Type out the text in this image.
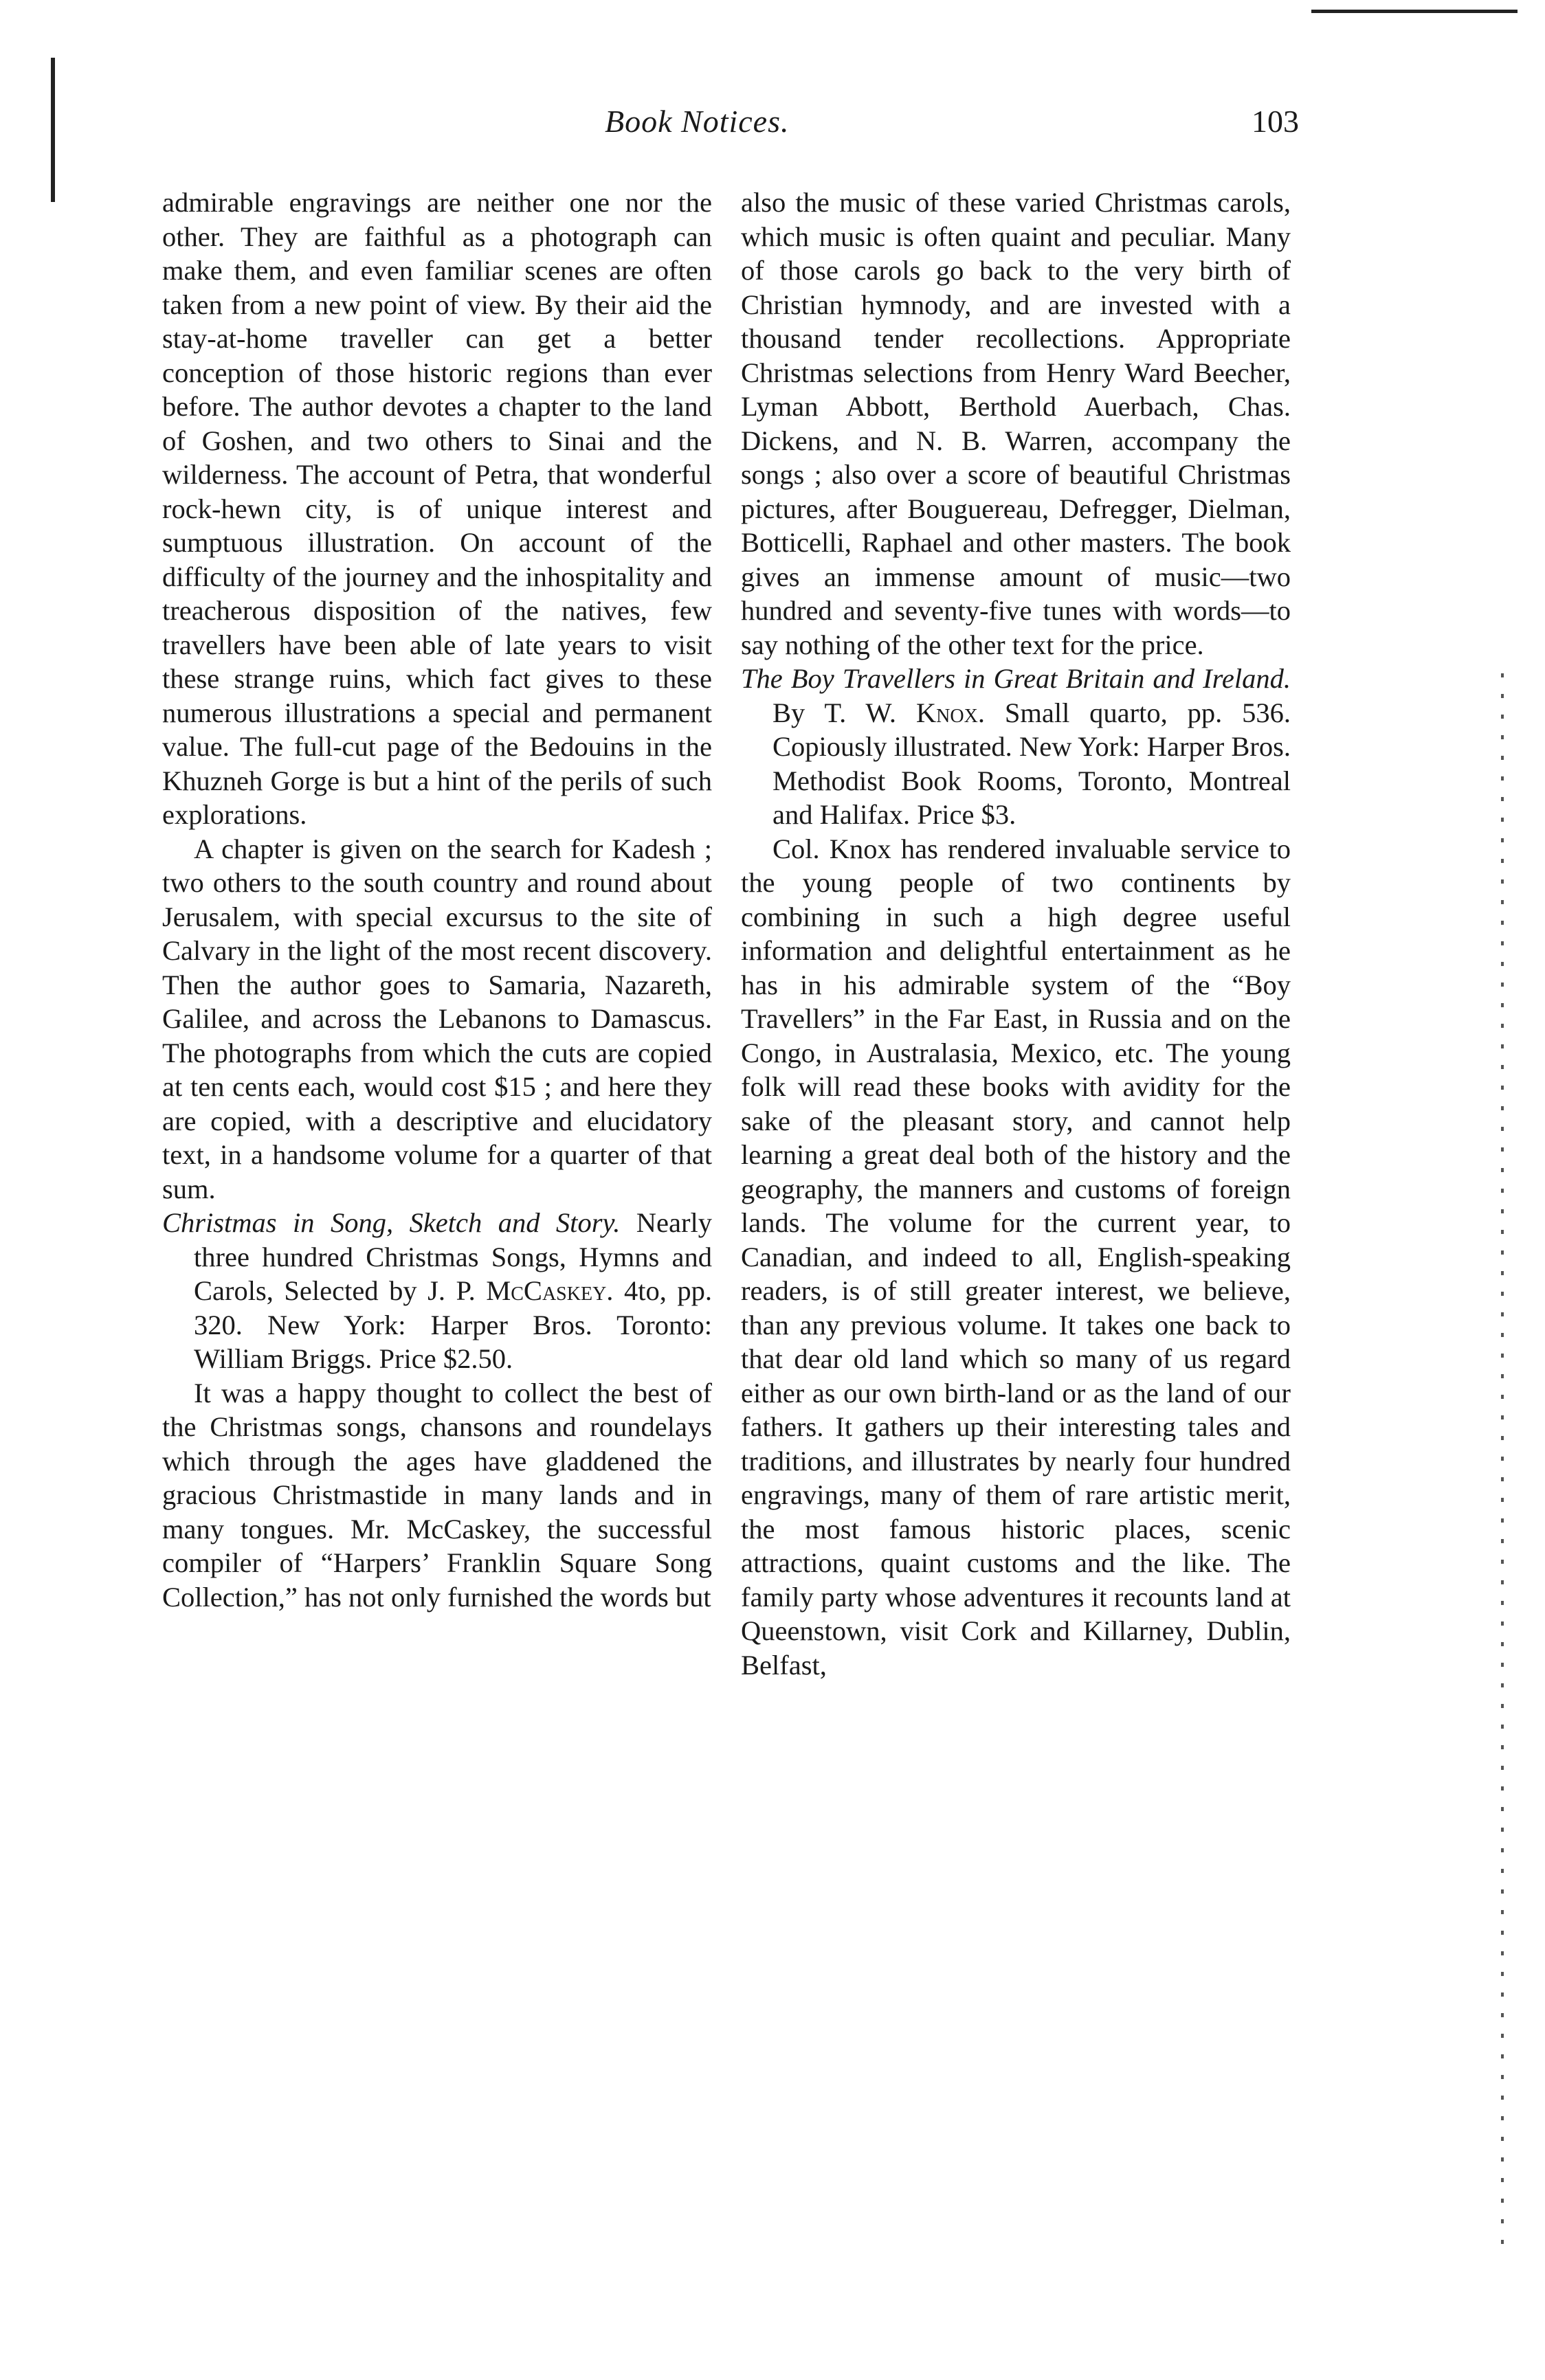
Book Notices.	103

admirable engravings are neither one nor the other. They are faithful as a photograph can make them, and even familiar scenes are often taken from a new point of view. By their aid the stay-at-home traveller can get a better conception of those historic regions than ever before. The author devotes a chapter to the land of Goshen, and two others to Sinai and the wilderness. The account of Petra, that wonderful rock-hewn city, is of unique interest and sumptuous illustration. On account of the difficulty of the journey and the inhospitality and treacherous disposition of the natives, few travellers have been able of late years to visit these strange ruins, which fact gives to these numerous illustrations a special and permanent value. The full-cut page of the Bedouins in the Khuzneh Gorge is but a hint of the perils of such explorations.

A chapter is given on the search for Kadesh ; two others to the south country and round about Jerusalem, with special excursus to the site of Calvary in the light of the most recent discovery. Then the author goes to Samaria, Nazareth, Galilee, and across the Lebanons to Damascus. The photographs from which the cuts are copied at ten cents each, would cost $15 ; and here they are copied, with a descriptive and elucidatory text, in a handsome volume for a quarter of that sum.

Christmas in Song, Sketch and Story. Nearly three hundred Christmas Songs, Hymns and Carols, Selected by J. P. McCaskey. 4to, pp. 320. New York: Harper Bros. Toronto: William Briggs. Price $2.50.

It was a happy thought to collect the best of the Christmas songs, chansons and roundelays which through the ages have gladdened the gracious Christmastide in many lands and in many tongues. Mr. McCaskey, the successful compiler of “Harpers’ Franklin Square Song Collection,” has not only furnished the words but

also the music of these varied Christmas carols, which music is often quaint and peculiar. Many of those carols go back to the very birth of Christian hymnody, and are invested with a thousand tender recollections. Appropriate Christmas selections from Henry Ward Beecher, Lyman Abbott, Berthold Auerbach, Chas. Dickens, and N. B. Warren, accompany the songs ; also over a score of beautiful Christmas pictures, after Bouguereau, Defregger, Dielman, Botticelli, Raphael and other masters. The book gives an immense amount of music—two hundred and seventy-five tunes with words—to say nothing of the other text for the price.

The Boy Travellers in Great Britain and Ireland. By T. W. Knox. Small quarto, pp. 536. Copiously illustrated. New York: Harper Bros. Methodist Book Rooms, Toronto, Montreal and Halifax. Price $3.

Col. Knox has rendered invaluable service to the young people of two continents by combining in such a high degree useful information and delightful entertainment as he has in his admirable system of the “Boy Travellers” in the Far East, in Russia and on the Congo, in Australasia, Mexico, etc. The young folk will read these books with avidity for the sake of the pleasant story, and cannot help learning a great deal both of the history and the geography, the manners and customs of foreign lands. The volume for the current year, to Canadian, and indeed to all, English-speaking readers, is of still greater interest, we believe, than any previous volume. It takes one back to that dear old land which so many of us regard either as our own birth-land or as the land of our fathers. It gathers up their interesting tales and traditions, and illustrates by nearly four hundred engravings, many of them of rare artistic merit, the most famous historic places, scenic attractions, quaint customs and the like. The family party whose adventures it recounts land at Queenstown, visit Cork and Killarney, Dublin, Belfast,
